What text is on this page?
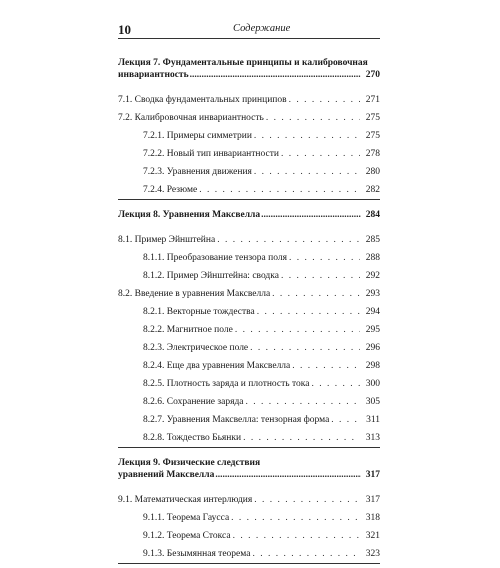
10	Содержание
Лекция 7. Фундаментальные принципы и калибровочная
инвариантность .....	270
7.1. Сводка фундаментальных принципов . . .	271
7.2. Калибровочная инвариантность . . .	275
7.2.1. Примеры симметрии . . .	275
7.2.2. Новый тип инвариантности . . .	278
7.2.3. Уравнения движения . . .	280
7.2.4. Резюме . . .	282
Лекция 8. Уравнения Максвелла .....	284
8.1. Пример Эйнштейна . . .	285
8.1.1. Преобразование тензора поля . . .	288
8.1.2. Пример Эйнштейна: сводка . . .	292
8.2. Введение в уравнения Максвелла . . .	293
8.2.1. Векторные тождества . . .	294
8.2.2. Магнитное поле . . .	295
8.2.3. Электрическое поле . . .	296
8.2.4. Еще два уравнения Максвелла . . .	298
8.2.5. Плотность заряда и плотность тока . . .	300
8.2.6. Сохранение заряда . . .	305
8.2.7. Уравнения Максвелла: тензорная форма . . .	311
8.2.8. Тождество Бьянки . . .	313
Лекция 9. Физические следствия
уравнений Максвелла .....	317
9.1. Математическая интерлюдия . . .	317
9.1.1. Теорема Гаусса . . .	318
9.1.2. Теорема Стокса . . .	321
9.1.3. Безымянная теорема . . .	323
